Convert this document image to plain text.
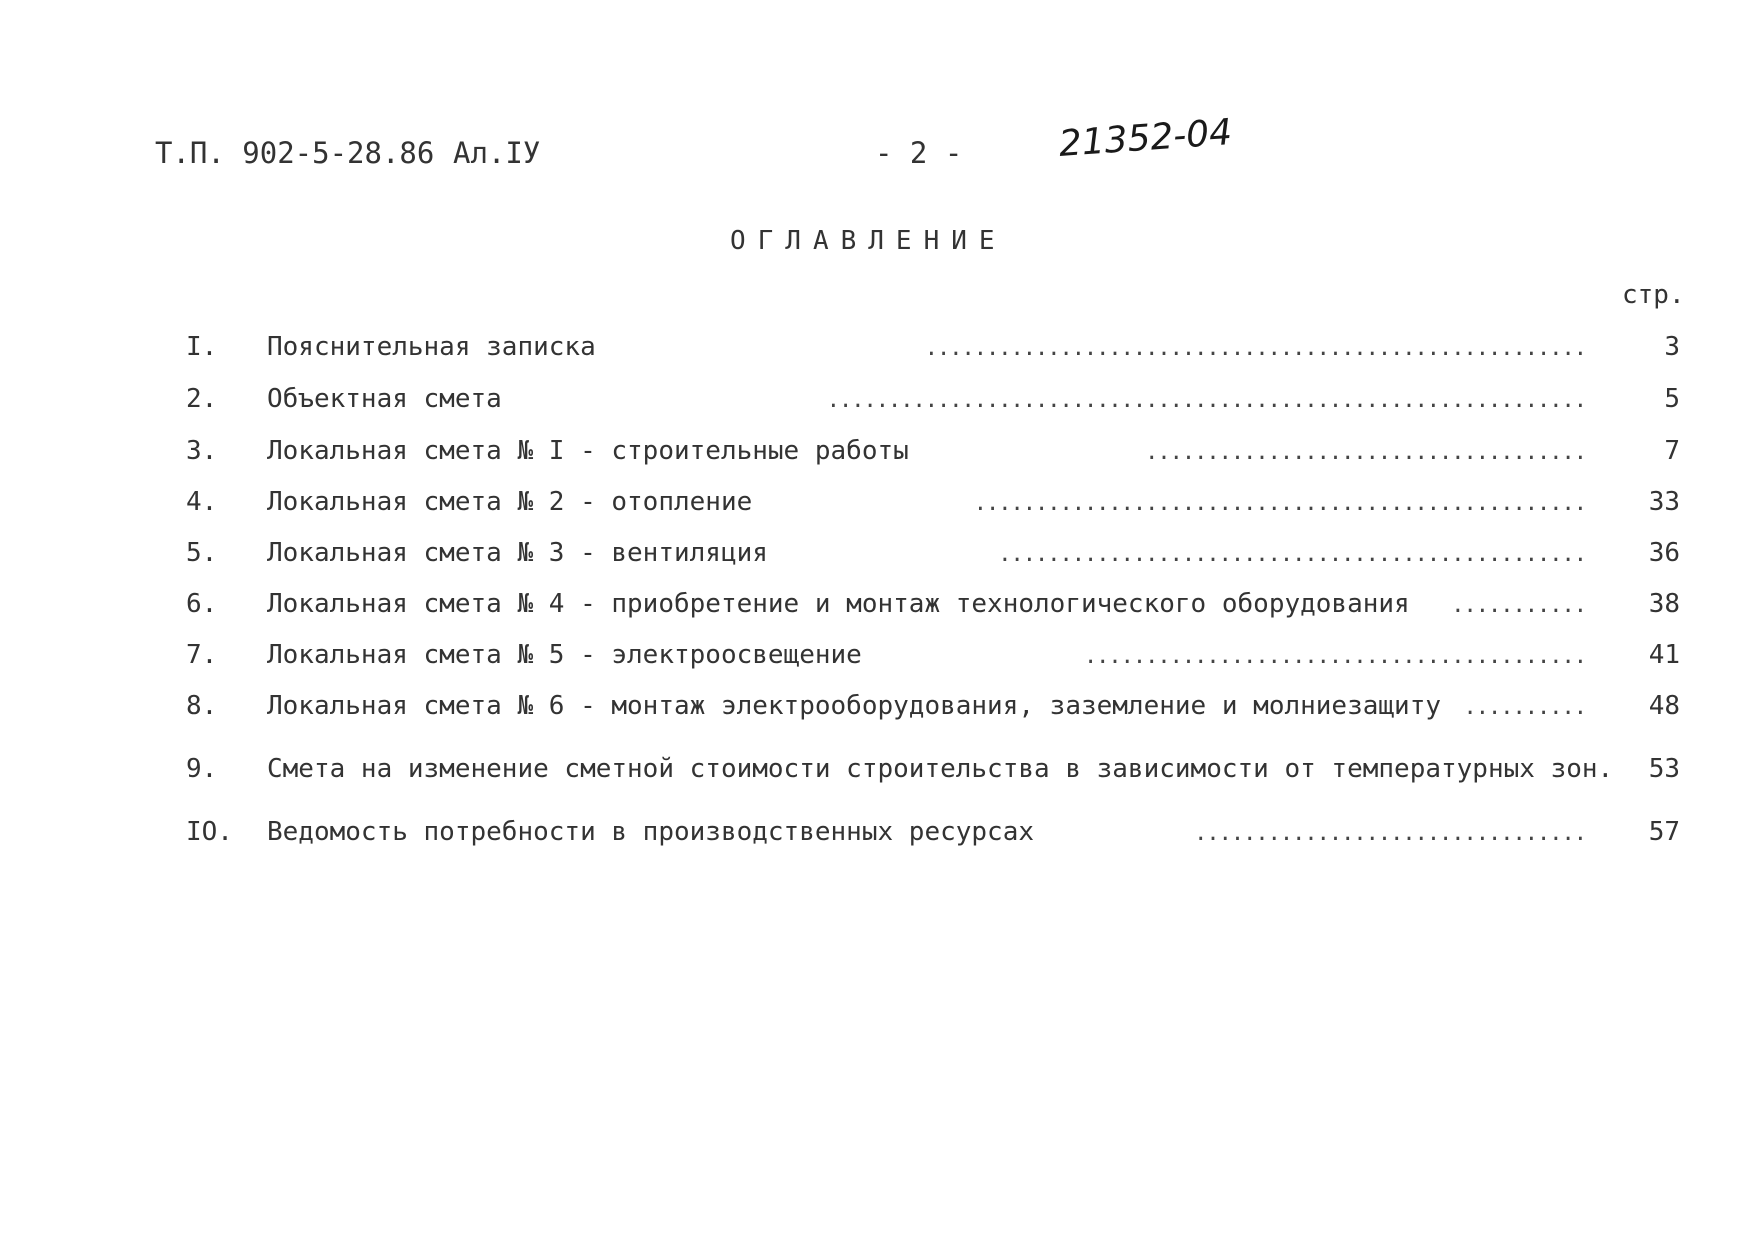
Т.П. 902-5-28.86 Ал.IУ	- 2 -	21352-04
ОГЛАВЛЕНИЕ
стр.
I.	Пояснительная записка	......................................................	3
2.	Объектная смета	..............................................................	5
3.	Локальная смета № I - строительные работы	....................................	7
4.	Локальная смета № 2 - отопление	..................................................	33
5.	Локальная смета № 3 - вентиляция	................................................	36
6.	Локальная смета № 4 - приобретение и монтаж технологического оборудования ...........	38
7.	Локальная смета № 5 - электроосвещение	.........................................	41
8.	Локальная смета № 6 - монтаж электрооборудования, заземление и молниезащиту ..........	48
9.	Смета на изменение сметной стоимости строительства в зависимости от температурных зон.	53
IO.	Ведомость потребности в производственных ресурсах	................................	57
